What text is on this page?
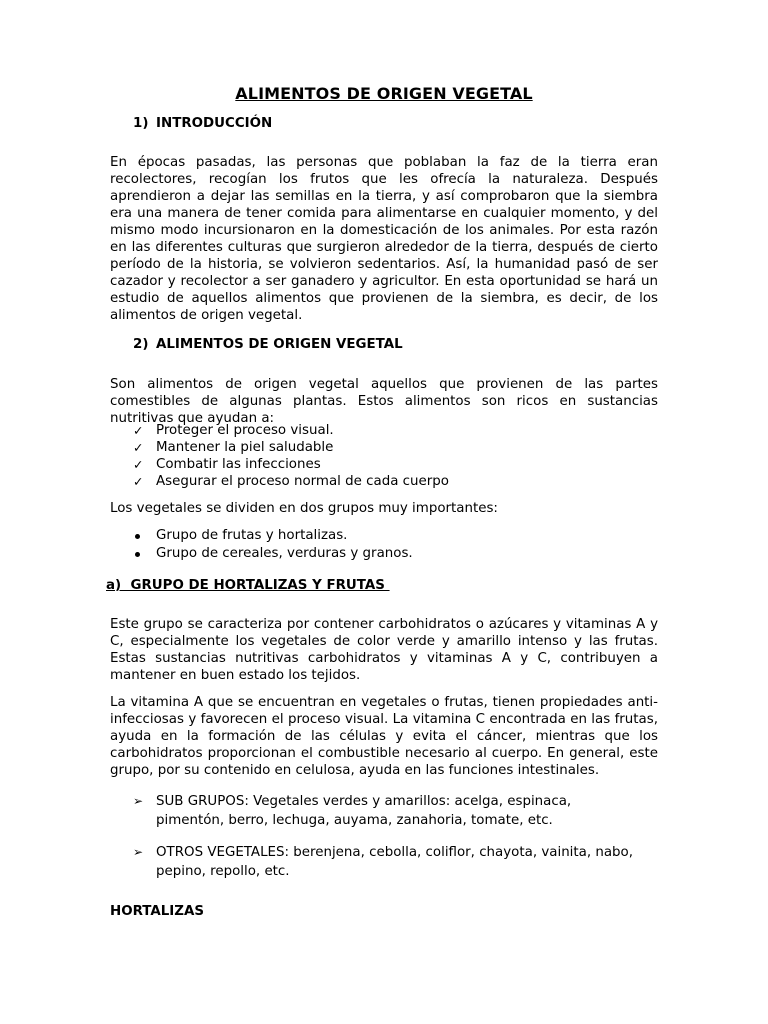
ALIMENTOS DE ORIGEN VEGETAL
1) INTRODUCCIÓN

En épocas pasadas, las personas que poblaban la faz de la tierra eran recolectores, recogían los frutos que les ofrecía la naturaleza. Después aprendieron a dejar las semillas en la tierra, y así comprobaron que la siembra era una manera de tener comida para alimentarse en cualquier momento, y del mismo modo incursionaron en la domesticación de los animales. Por esta razón en las diferentes culturas que surgieron alrededor de la tierra, después de cierto período de la historia, se volvieron sedentarios. Así, la humanidad pasó de ser cazador y recolector a ser ganadero y agricultor. En esta oportunidad se hará un estudio de aquellos alimentos que provienen de la siembra, es decir, de los alimentos de origen vegetal.

2) ALIMENTOS DE ORIGEN VEGETAL

Son alimentos de origen vegetal aquellos que provienen de las partes comestibles de algunas plantas. Estos alimentos son ricos en sustancias nutritivas que ayudan a:

✓ Proteger el proceso visual.
✓ Mantener la piel saludable
✓ Combatir las infecciones
✓ Asegurar el proceso normal de cada cuerpo
Los vegetales se dividen en dos grupos muy importantes:
Grupo de frutas y hortalizas.
Grupo de cereales, verduras y granos.
a)  GRUPO DE HORTALIZAS Y FRUTAS

Este grupo se caracteriza por contener carbohidratos o azúcares y vitaminas A y C, especialmente los vegetales de color verde y amarillo intenso y las frutas. Estas sustancias nutritivas carbohidratos y vitaminas A y C, contribuyen a mantener en buen estado los tejidos.

La vitamina A que se encuentran en vegetales o frutas, tienen propiedades anti-infecciosas y favorecen el proceso visual. La vitamina C encontrada en las frutas, ayuda en la formación de las células y evita el cáncer, mientras que los carbohidratos proporcionan el combustible necesario al cuerpo. En general, este grupo, por su contenido en celulosa, ayuda en las funciones intestinales.

➢ SUB GRUPOS: Vegetales verdes y amarillos: acelga, espinaca, pimentón, berro, lechuga, auyama, zanahoria, tomate, etc.
➢ OTROS VEGETALES: berenjena, cebolla, coliflor, chayota, vainita, nabo, pepino, repollo, etc.
HORTALIZAS
